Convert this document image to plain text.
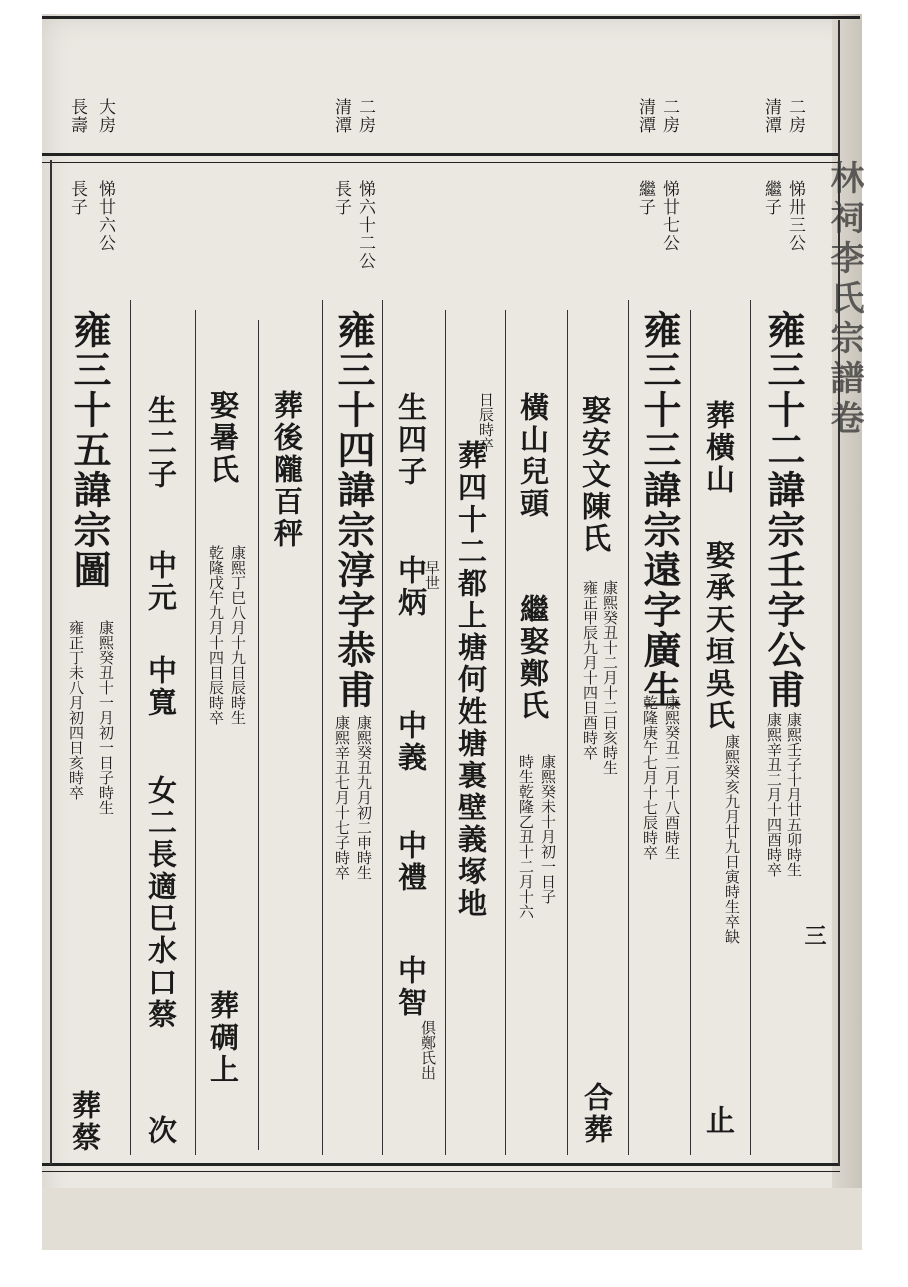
林祠李氏宗譜卷
三
二房
清潭
悌卅三公
繼子
二房
清潭
悌廿七公
繼子
二房
清潭
悌六十二公
長子
大房
長壽
悌廿六公
長子
雍三十二諱宗壬字公甫
康熙壬子十月廿五卯時生
康熙辛丑二月十四酉時卒
葬橫山
娶承天垣吳氏
康熙癸亥九月廿九日寅時生卒缺
止
雍三十三諱宗遠字廣生
康熙癸丑二月十八酉時生
乾隆庚午七月十七辰時卒
娶安文陳氏
康熙癸丑十二月十二日亥時生
雍正甲辰九月十四日酉時卒
合葬
橫山兒頭
繼娶鄭氏
康熙癸未十月初一日子
時生乾隆乙丑十二月十六
雍三十四諱宗淳字恭甫
康熙癸丑九月初二申時生
康熙辛丑七月十七子時卒	葬四十二都上塘何姓塘裏壁義塚地
日辰時卒
生四子
中炳
早世
中義
中禮
中智
俱鄭氏出
雍三十五諱宗圖
康熙癸丑十一月初一日子時生
雍正丁未八月初四日亥時卒
葬後隴百秤
娶暑氏
康熙丁巳八月十九日辰時生
乾隆戊午九月十四日辰時卒
葬碉上
生二子
中元
中寬
女二長適巳水口蔡
次
葬蔡
